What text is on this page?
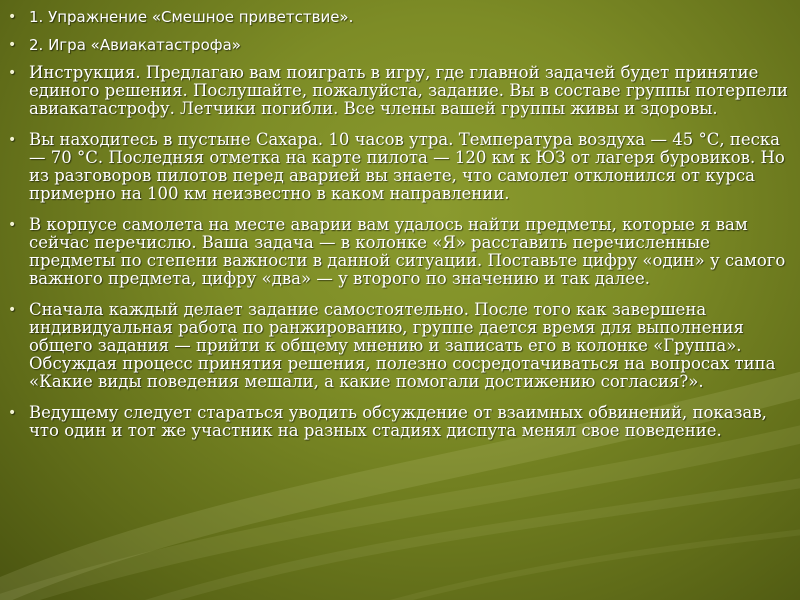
• 1. Упражнение «Смешное приветствие».
• 2. Игра «Авиакатастрофа»
• Инструкция. Предлагаю вам поиграть в игру, где главной задачей будет принятие единого решения. Послушайте, пожалуйста, задание. Вы в составе группы потерпели авиакатастрофу. Летчики погибли. Все члены вашей группы живы и здоровы.
• Вы находитесь в пустыне Сахара. 10 часов утра. Температура воздуха — 45 °С, песка — 70 °С. Последняя отметка на карте пилота — 120 км к ЮЗ от лагеря буровиков. Но из разговоров пилотов перед аварией вы знаете, что самолет отклонился от курса примерно на 100 км неизвестно в каком направлении.
• В корпусе самолета на месте аварии вам удалось найти предметы, которые я вам сейчас перечислю. Ваша задача — в колонке «Я» расставить перечисленные предметы по степени важности в данной ситуации. Поставьте цифру «один» у самого важного предмета, цифру «два» — у второго по значению и так далее.
• Сначала каждый делает задание самостоятельно. После того как завершена индивидуальная работа по ранжированию, группе дается время для выполнения общего задания — прийти к общему мнению и записать его в колонке «Группа». Обсуждая процесс принятия решения, полезно сосредотачиваться на вопросах типа «Какие виды поведения мешали, а какие помогали достижению согласия?».
• Ведущему следует стараться уводить обсуждение от взаимных обвинений, показав, что один и тот же участник на разных стадиях диспута менял свое поведение.
